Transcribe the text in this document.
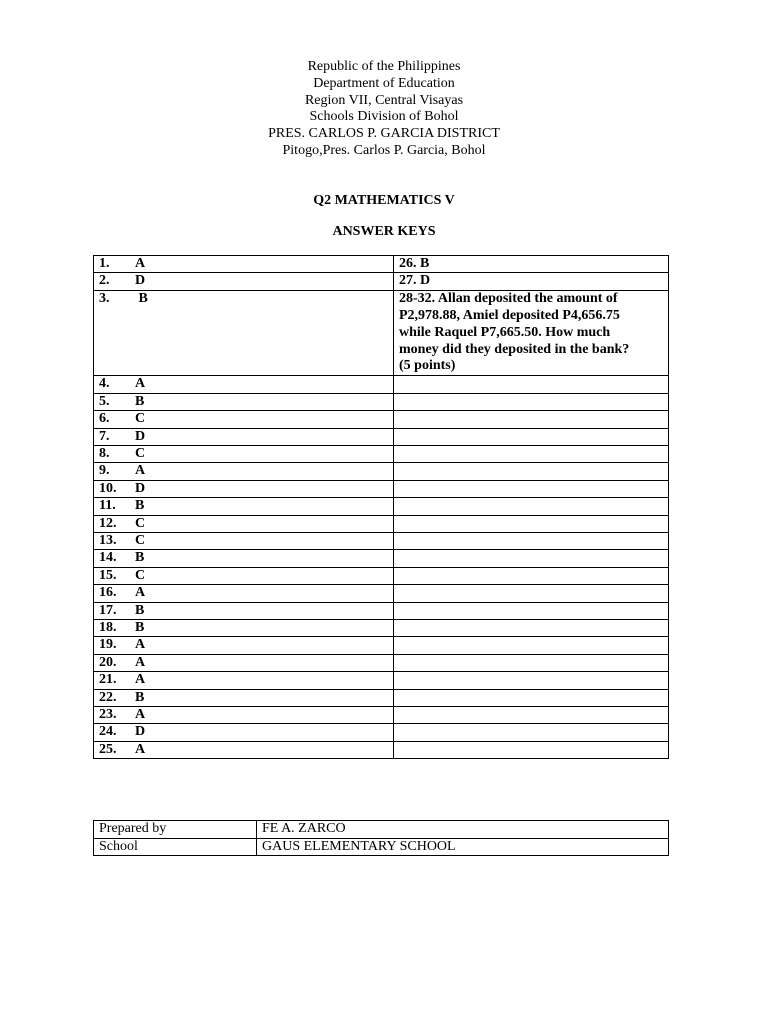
Republic of the Philippines
Department of Education
Region VII, Central Visayas
Schools Division of Bohol
PRES. CARLOS P. GARCIA DISTRICT
Pitogo,Pres. Carlos P. Garcia, Bohol
Q2 MATHEMATICS V
ANSWER KEYS
1. A	26. B
2. D	27. D
3. B	28-32. Allan deposited the amount of
P2,978.88, Amiel deposited P4,656.75
while Raquel P7,665.50. How much
money did they deposited in the bank?
(5 points)

4. A	
5. B	
6. C	
7. D	
8. C	
9. A	
10. D	
11. B	
12. C	
13. C	
14. B	
15. C	
16. A	
17. B	
18. B	
19. A	
20. A	
21. A	
22. B	
23. A	
24. D	
25. A	
Prepared by	FE A. ZARCO
School	GAUS ELEMENTARY SCHOOL
